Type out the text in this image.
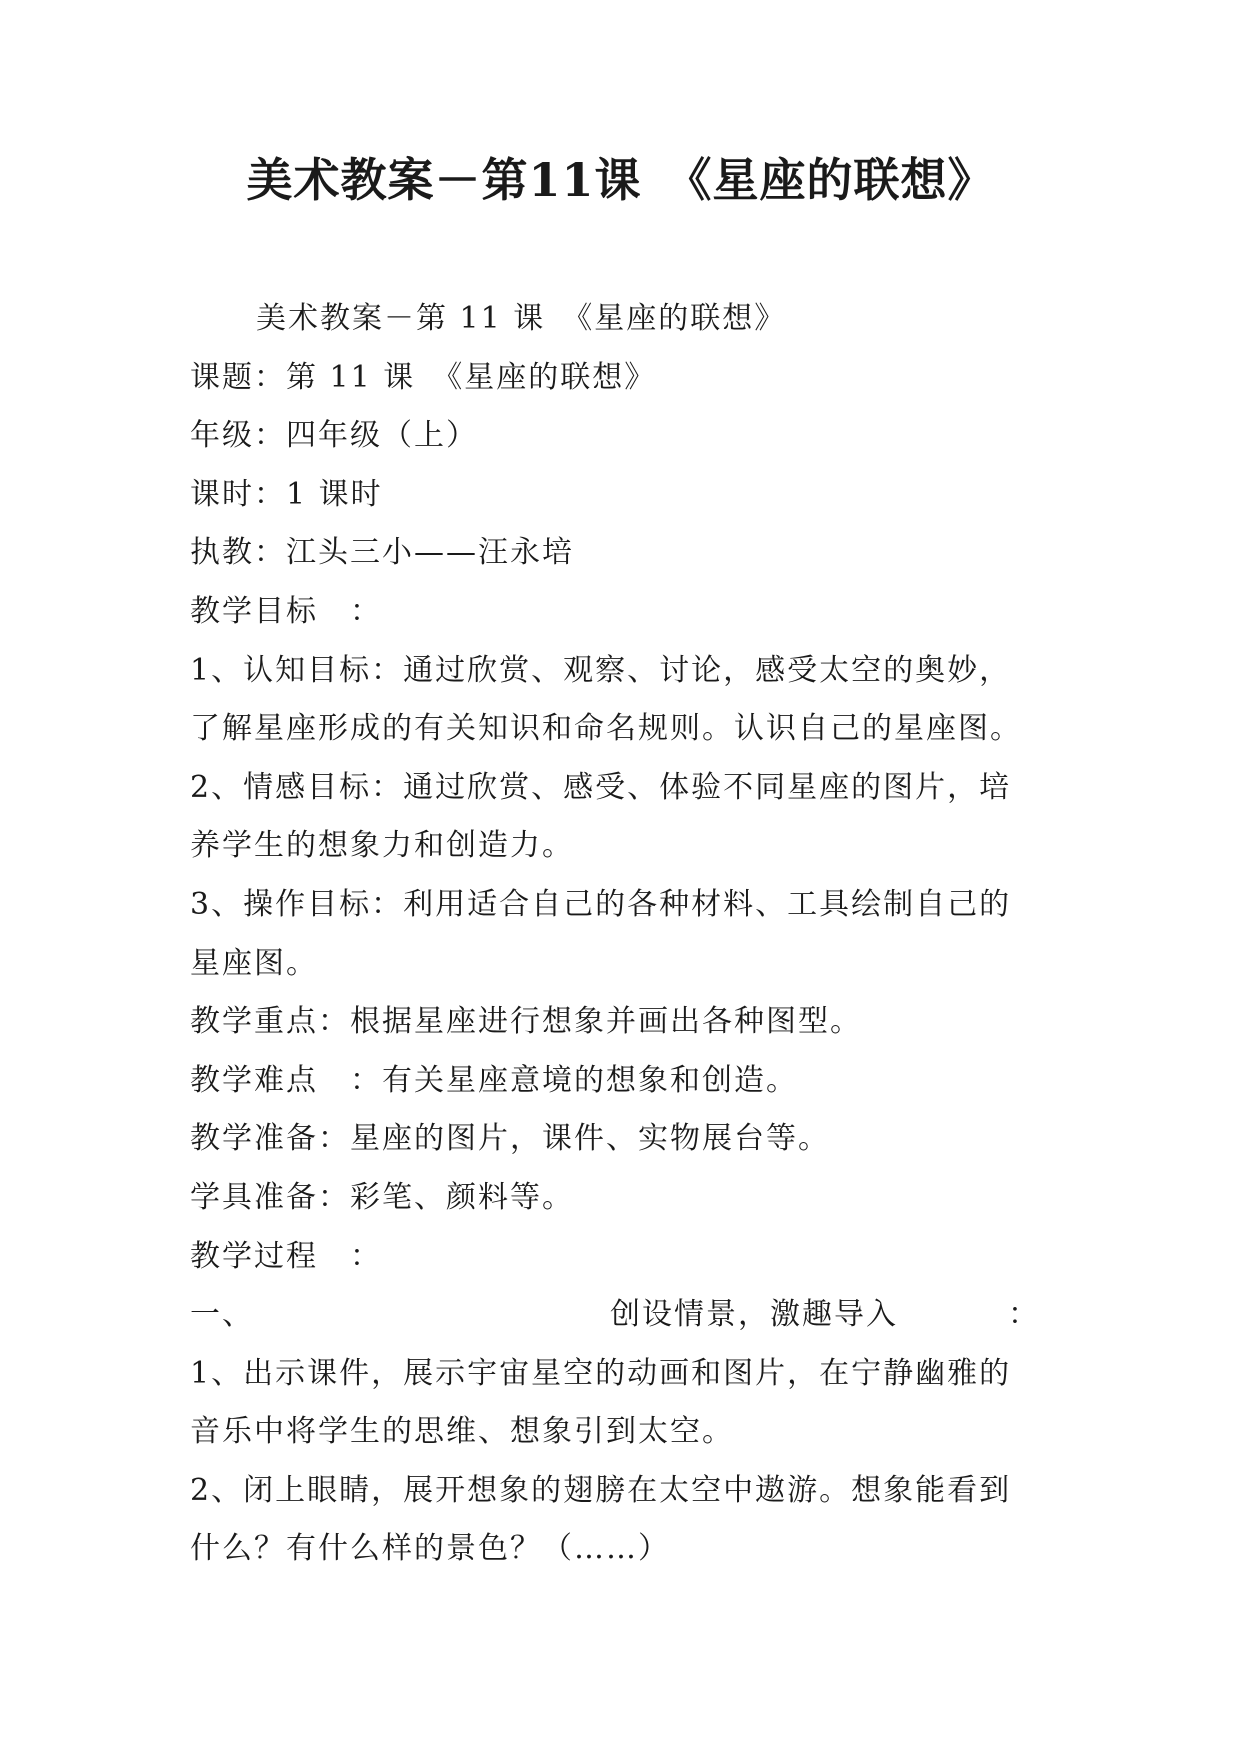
美术教案－第11课　《星座的联想》
美术教案－第 11 课　《星座的联想》
课题：第 11 课　《星座的联想》
年级：四年级（上）
课时：1 课时
执教：江头三小——汪永培
教学目标　：
1、认知目标：通过欣赏、观察、讨论，感受太空的奥妙，
了解星座形成的有关知识和命名规则。认识自己的星座图。
2、情感目标：通过欣赏、感受、体验不同星座的图片，培
养学生的想象力和创造力。
3、操作目标：利用适合自己的各种材料、工具绘制自己的
星座图。
教学重点：根据星座进行想象并画出各种图型。
教学难点　：有关星座意境的想象和创造。
教学准备：星座的图片，课件、实物展台等。
学具准备：彩笔、颜料等。
教学过程　：
一、	创设情景，激趣导入	：
1、出示课件，展示宇宙星空的动画和图片，在宁静幽雅的
音乐中将学生的思维、想象引到太空。
2、闭上眼睛，展开想象的翅膀在太空中遨游。想象能看到
什么？有什么样的景色？（……）
